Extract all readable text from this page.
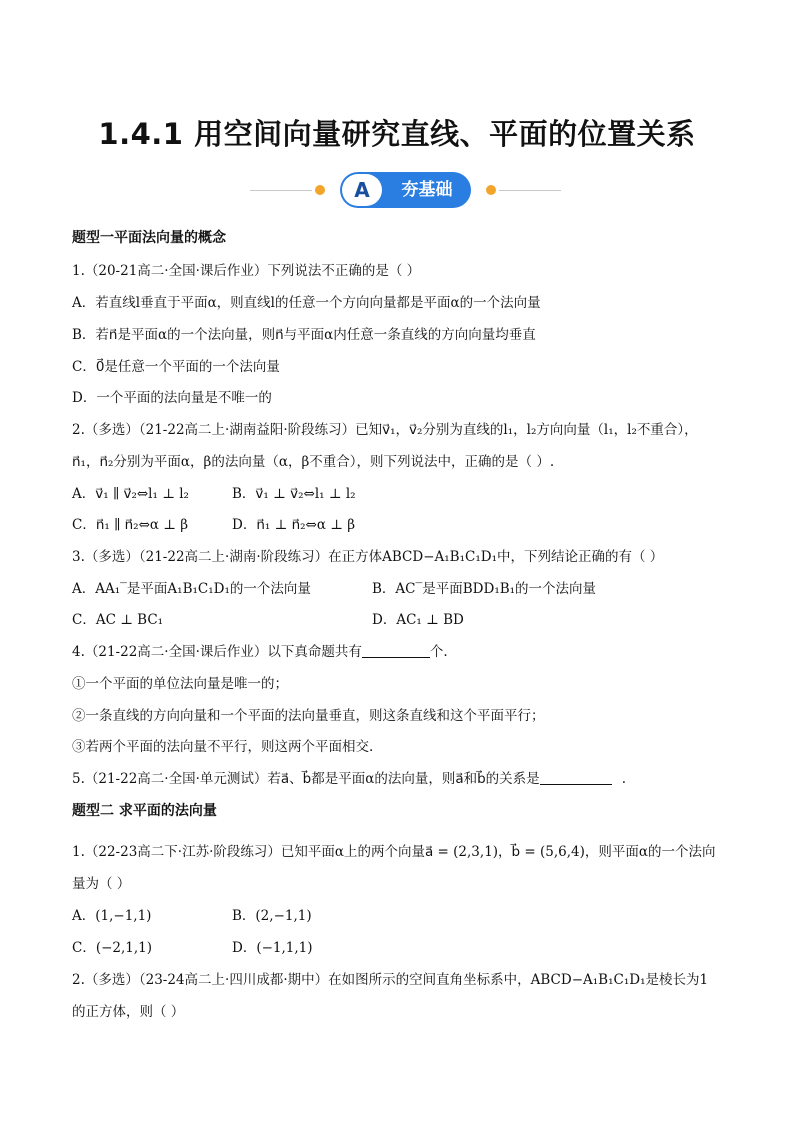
1.4.1 用空间向量研究直线、平面的位置关系
A	夯基础
题型一平面法向量的概念
1.（20-21高二·全国·课后作业）下列说法不正确的是（ ）
A．若直线l垂直于平面α，则直线l的任意一个方向向量都是平面α的一个法向量
B．若n⃗是平面α的一个法向量，则n⃗与平面α内任意一条直线的方向向量均垂直
C．0⃗是任意一个平面的一个法向量
D．一个平面的法向量是不唯一的
2.（多选）（21-22高二上·湖南益阳·阶段练习）已知v⃗₁，v⃗₂分别为直线的l₁，l₂方向向量（l₁，l₂不重合），
n⃗₁，n⃗₂分别为平面α，β的法向量（α，β不重合），则下列说法中，正确的是（ ）.
A．v⃗₁ ∥ v⃗₂⇔l₁ ⊥ l₂	B．v⃗₁ ⊥ v⃗₂⇔l₁ ⊥ l₂
C．n⃗₁ ∥ n⃗₂⇔α ⊥ β	D．n⃗₁ ⊥ n⃗₂⇔α ⊥ β
3.（多选）（21-22高二上·湖南·阶段练习）在正方体ABCD−A₁B₁C₁D₁中，下列结论正确的有（ ）
A．AA₁‾是平面A₁B₁C₁D₁的一个法向量	B．AC‾是平面BDD₁B₁的一个法向量
C．AC ⊥ BC₁	D．AC₁ ⊥ BD
4.（21-22高二·全国·课后作业）以下真命题共有	个.
①一个平面的单位法向量是唯一的；
②一条直线的方向向量和一个平面的法向量垂直，则这条直线和这个平面平行；
③若两个平面的法向量不平行，则这两个平面相交.
5.（21-22高二·全国·单元测试）若a⃗、b⃗都是平面α的法向量，则a⃗和b⃗的关系是	.
题型二 求平面的法向量
1.（22-23高二下·江苏·阶段练习）已知平面α上的两个向量a⃗ = (2,3,1)，b⃗ = (5,6,4)，则平面α的一个法向
量为（ ）
A．(1,−1,1)	B．(2,−1,1)
C．(−2,1,1)	D．(−1,1,1)
2.（多选）（23-24高二上·四川成都·期中）在如图所示的空间直角坐标系中，ABCD−A₁B₁C₁D₁是棱长为1
的正方体，则（ ）
